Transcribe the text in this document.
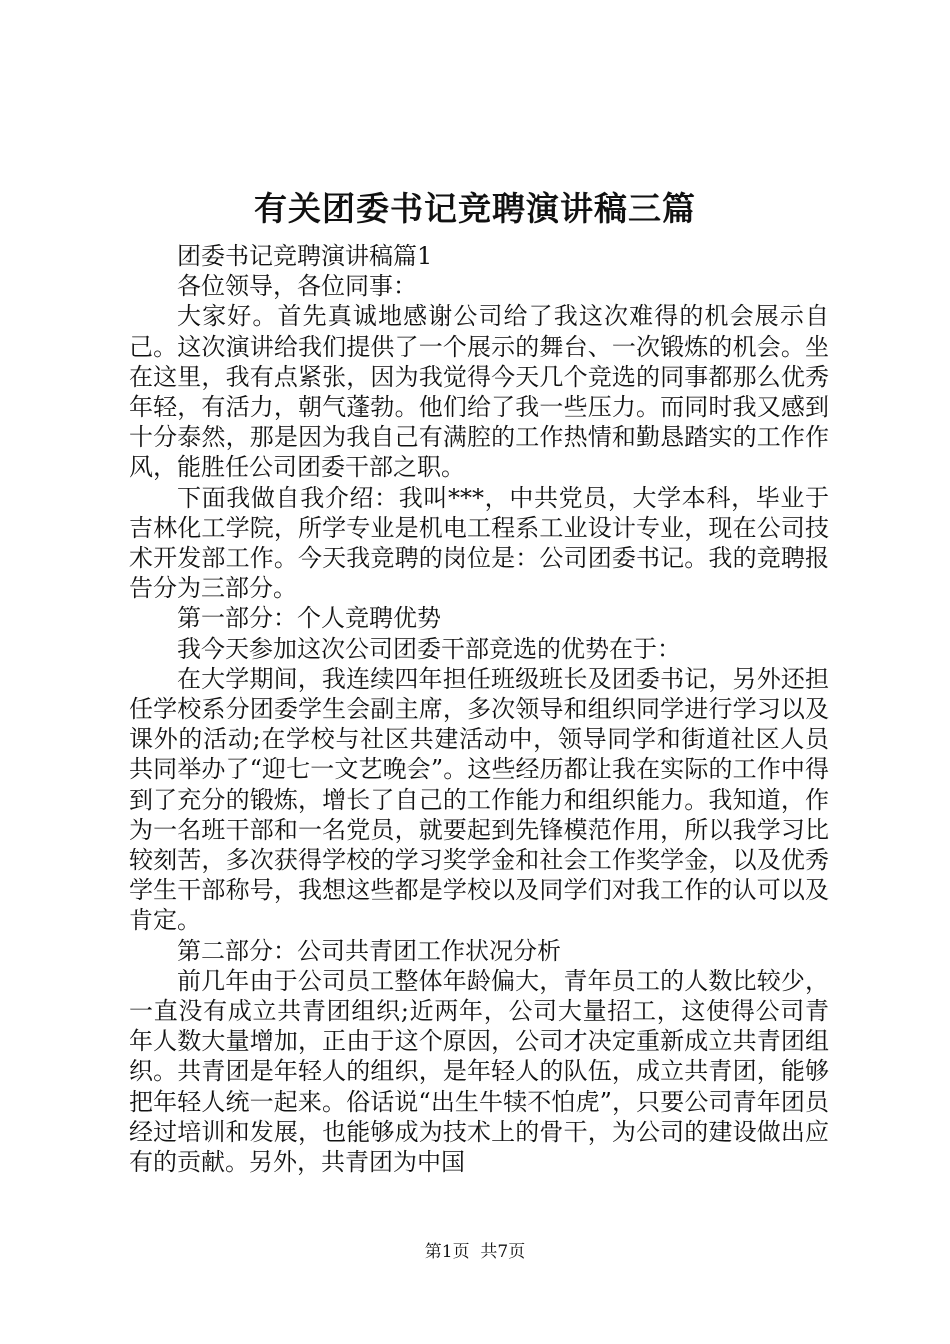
有关团委书记竞聘演讲稿三篇

团委书记竞聘演讲稿篇1

各位领导，各位同事：

大家好。首先真诚地感谢公司给了我这次难得的机会展示自己。这次演讲给我们提供了一个展示的舞台、一次锻炼的机会。坐在这里，我有点紧张，因为我觉得今天几个竞选的同事都那么优秀年轻，有活力，朝气蓬勃。他们给了我一些压力。而同时我又感到十分泰然，那是因为我自己有满腔的工作热情和勤恳踏实的工作作风，能胜任公司团委干部之职。

下面我做自我介绍：我叫***，中共党员，大学本科，毕业于吉林化工学院，所学专业是机电工程系工业设计专业，现在公司技术开发部工作。今天我竞聘的岗位是：公司团委书记。我的竞聘报告分为三部分。

第一部分：个人竞聘优势

我今天参加这次公司团委干部竞选的优势在于：

在大学期间，我连续四年担任班级班长及团委书记，另外还担任学校系分团委学生会副主席，多次领导和组织同学进行学习以及课外的活动;在学校与社区共建活动中，领导同学和街道社区人员共同举办了“迎七一文艺晚会”。这些经历都让我在实际的工作中得到了充分的锻炼，增长了自己的工作能力和组织能力。我知道，作为一名班干部和一名党员，就要起到先锋模范作用，所以我学习比较刻苦，多次获得学校的学习奖学金和社会工作奖学金，以及优秀学生干部称号，我想这些都是学校以及同学们对我工作的认可以及肯定。

第二部分：公司共青团工作状况分析

前几年由于公司员工整体年龄偏大，青年员工的人数比较少，一直没有成立共青团组织;近两年，公司大量招工，这使得公司青年人数大量增加，正由于这个原因，公司才决定重新成立共青团组织。共青团是年轻人的组织，是年轻人的队伍，成立共青团，能够把年轻人统一起来。俗话说“出生牛犊不怕虎”，只要公司青年团员经过培训和发展，也能够成为技术上的骨干，为公司的建设做出应有的贡献。另外，共青团为中国

第1页 共7页
